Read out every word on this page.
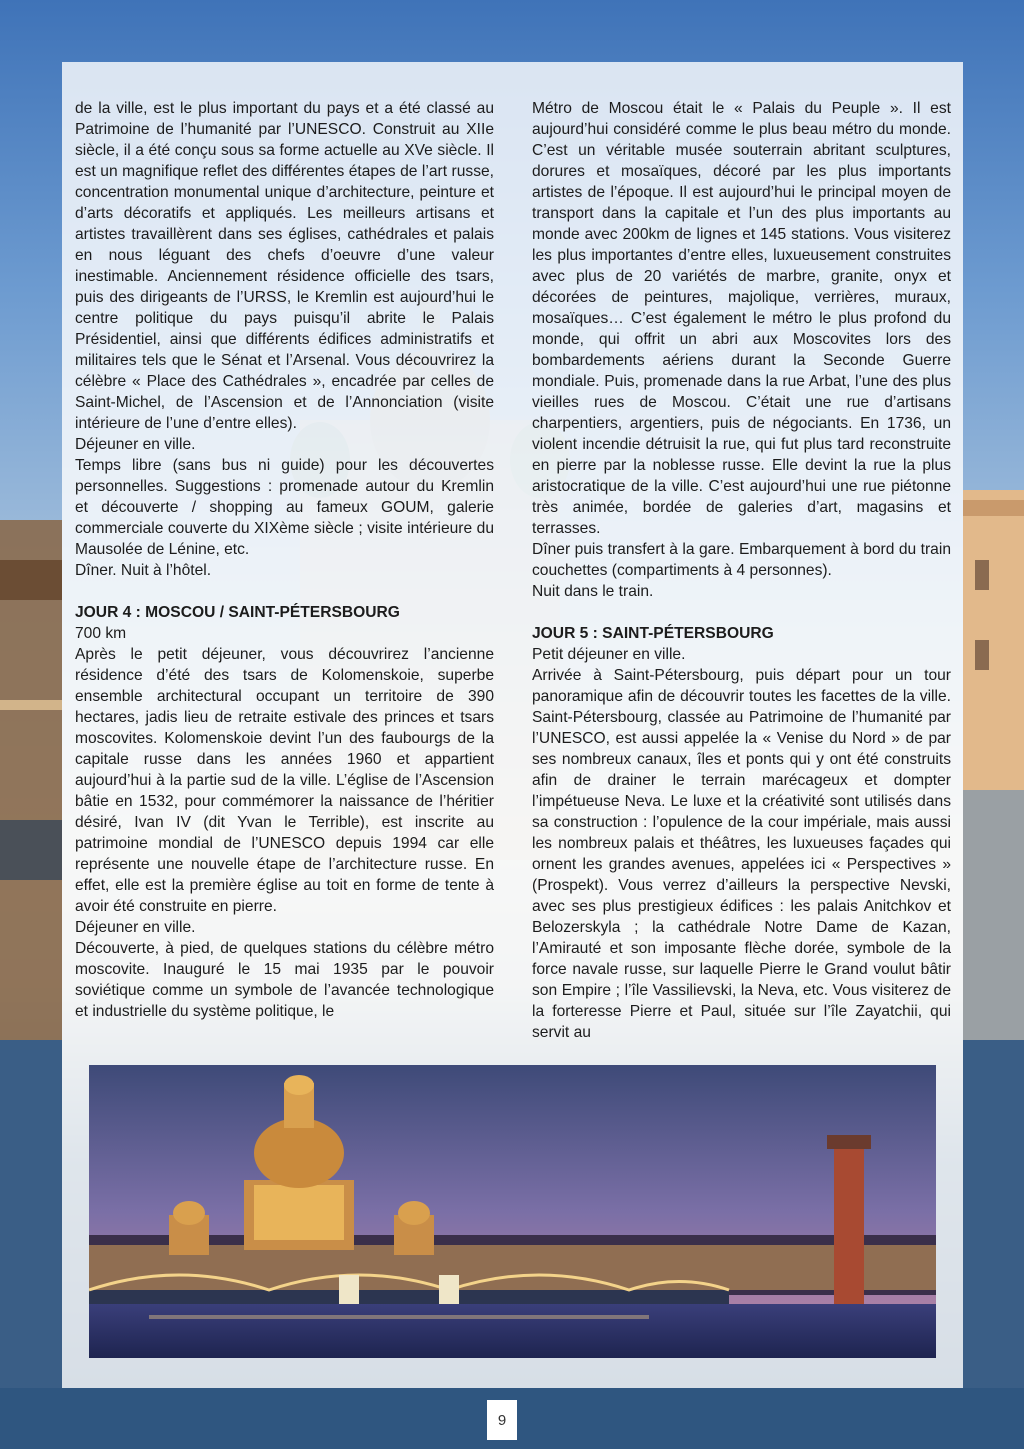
de la ville, est le plus important du pays et a été classé au Patrimoine de l’humanité par l’UNESCO. Construit au XIIe siècle, il a été conçu sous sa forme actuelle au XVe siècle. Il est un magnifique reflet des différentes étapes de l’art russe, concentration monumental unique d’architecture, peinture et d’arts décoratifs et appliqués. Les meilleurs artisans et artistes travaillèrent dans ses églises, cathédrales et palais en nous léguant des chefs d’oeuvre d’une valeur inestimable. Anciennement résidence officielle des tsars, puis des dirigeants de l’URSS, le Kremlin est aujourd’hui le centre politique du pays puisqu’il abrite le Palais Présidentiel, ainsi que différents édifices administratifs et militaires tels que le Sénat et l’Arsenal. Vous découvrirez la célèbre « Place des Cathédrales », encadrée par celles de Saint-Michel, de l’Ascension et de l’Annonciation (visite intérieure de l’une d’entre elles).

Déjeuner en ville.

Temps libre (sans bus ni guide) pour les découvertes personnelles. Suggestions : promenade autour du Kremlin et découverte / shopping au fameux GOUM, galerie commerciale couverte du XIXème siècle ; visite intérieure du Mausolée de Lénine, etc.

Dîner. Nuit à l’hôtel.

JOUR 4 : MOSCOU / SAINT-PÉTERSBOURG

700 km

Après le petit déjeuner, vous découvrirez l’ancienne résidence d’été des tsars de Kolomenskoie, superbe ensemble architectural occupant un territoire de 390 hectares, jadis lieu de retraite estivale des princes et tsars moscovites. Kolomenskoie devint l’un des faubourgs de la capitale russe dans les années 1960 et appartient aujourd’hui à la partie sud de la ville. L’église de l’Ascension bâtie en 1532, pour commémorer la naissance de l’héritier désiré, Ivan IV (dit Yvan le Terrible), est inscrite au patrimoine mondial de l’UNESCO depuis 1994 car elle représente une nouvelle étape de l’architecture russe. En effet, elle est la première église au toit en forme de tente à avoir été construite en pierre.

Déjeuner en ville.

Découverte, à pied, de quelques stations du célèbre métro moscovite. Inauguré le 15 mai 1935 par le pouvoir soviétique comme un symbole de l’avancée technologique et industrielle du système politique, le

Métro de Moscou était le « Palais du Peuple ». Il est aujourd’hui considéré comme le plus beau métro du monde. C’est un véritable musée souterrain abritant sculptures, dorures et mosaïques, décoré par les plus importants artistes de l’époque. Il est aujourd’hui le principal moyen de transport dans la capitale et l’un des plus importants au monde avec 200km de lignes et 145 stations. Vous visiterez les plus importantes d’entre elles, luxueusement construites avec plus de 20 variétés de marbre, granite, onyx et décorées de peintures, majolique, verrières, muraux, mosaïques… C’est également le métro le plus profond du monde, qui offrit un abri aux Moscovites lors des bombardements aériens durant la Seconde Guerre mondiale. Puis, promenade dans la rue Arbat, l’une des plus vieilles rues de Moscou. C’était une rue d’artisans charpentiers, argentiers, puis de négociants. En 1736, un violent incendie détruisit la rue, qui fut plus tard reconstruite en pierre par la noblesse russe. Elle devint la rue la plus aristocratique de la ville. C’est aujourd’hui une rue piétonne très animée, bordée de galeries d’art, magasins et terrasses.

Dîner puis transfert à la gare. Embarquement à bord du train couchettes (compartiments à 4 personnes).

Nuit dans le train.

JOUR 5 : SAINT-PÉTERSBOURG

Petit déjeuner en ville.

Arrivée à Saint-Pétersbourg, puis départ pour un tour panoramique afin de découvrir toutes les facettes de la ville. Saint-Pétersbourg, classée au Patrimoine de l’humanité par l’UNESCO, est aussi appelée la « Venise du Nord » de par ses nombreux canaux, îles et ponts qui y ont été construits afin de drainer le terrain marécageux et dompter l’impétueuse Neva. Le luxe et la créativité sont utilisés dans sa construction : l’opulence de la cour impériale, mais aussi les nombreux palais et théâtres, les luxueuses façades qui ornent les grandes avenues, appelées ici « Perspectives » (Prospekt). Vous verrez d’ailleurs la perspective Nevski, avec ses plus prestigieux édifices : les palais Anitchkov et Belozerskyla ; la cathédrale Notre Dame de Kazan, l’Amirauté et son imposante flèche dorée, symbole de la force navale russe, sur laquelle Pierre le Grand voulut bâtir son Empire ; l’île Vassilievski, la Neva, etc. Vous visiterez de la forteresse Pierre et Paul, située sur l’île Zayatchii, qui servit au

9
